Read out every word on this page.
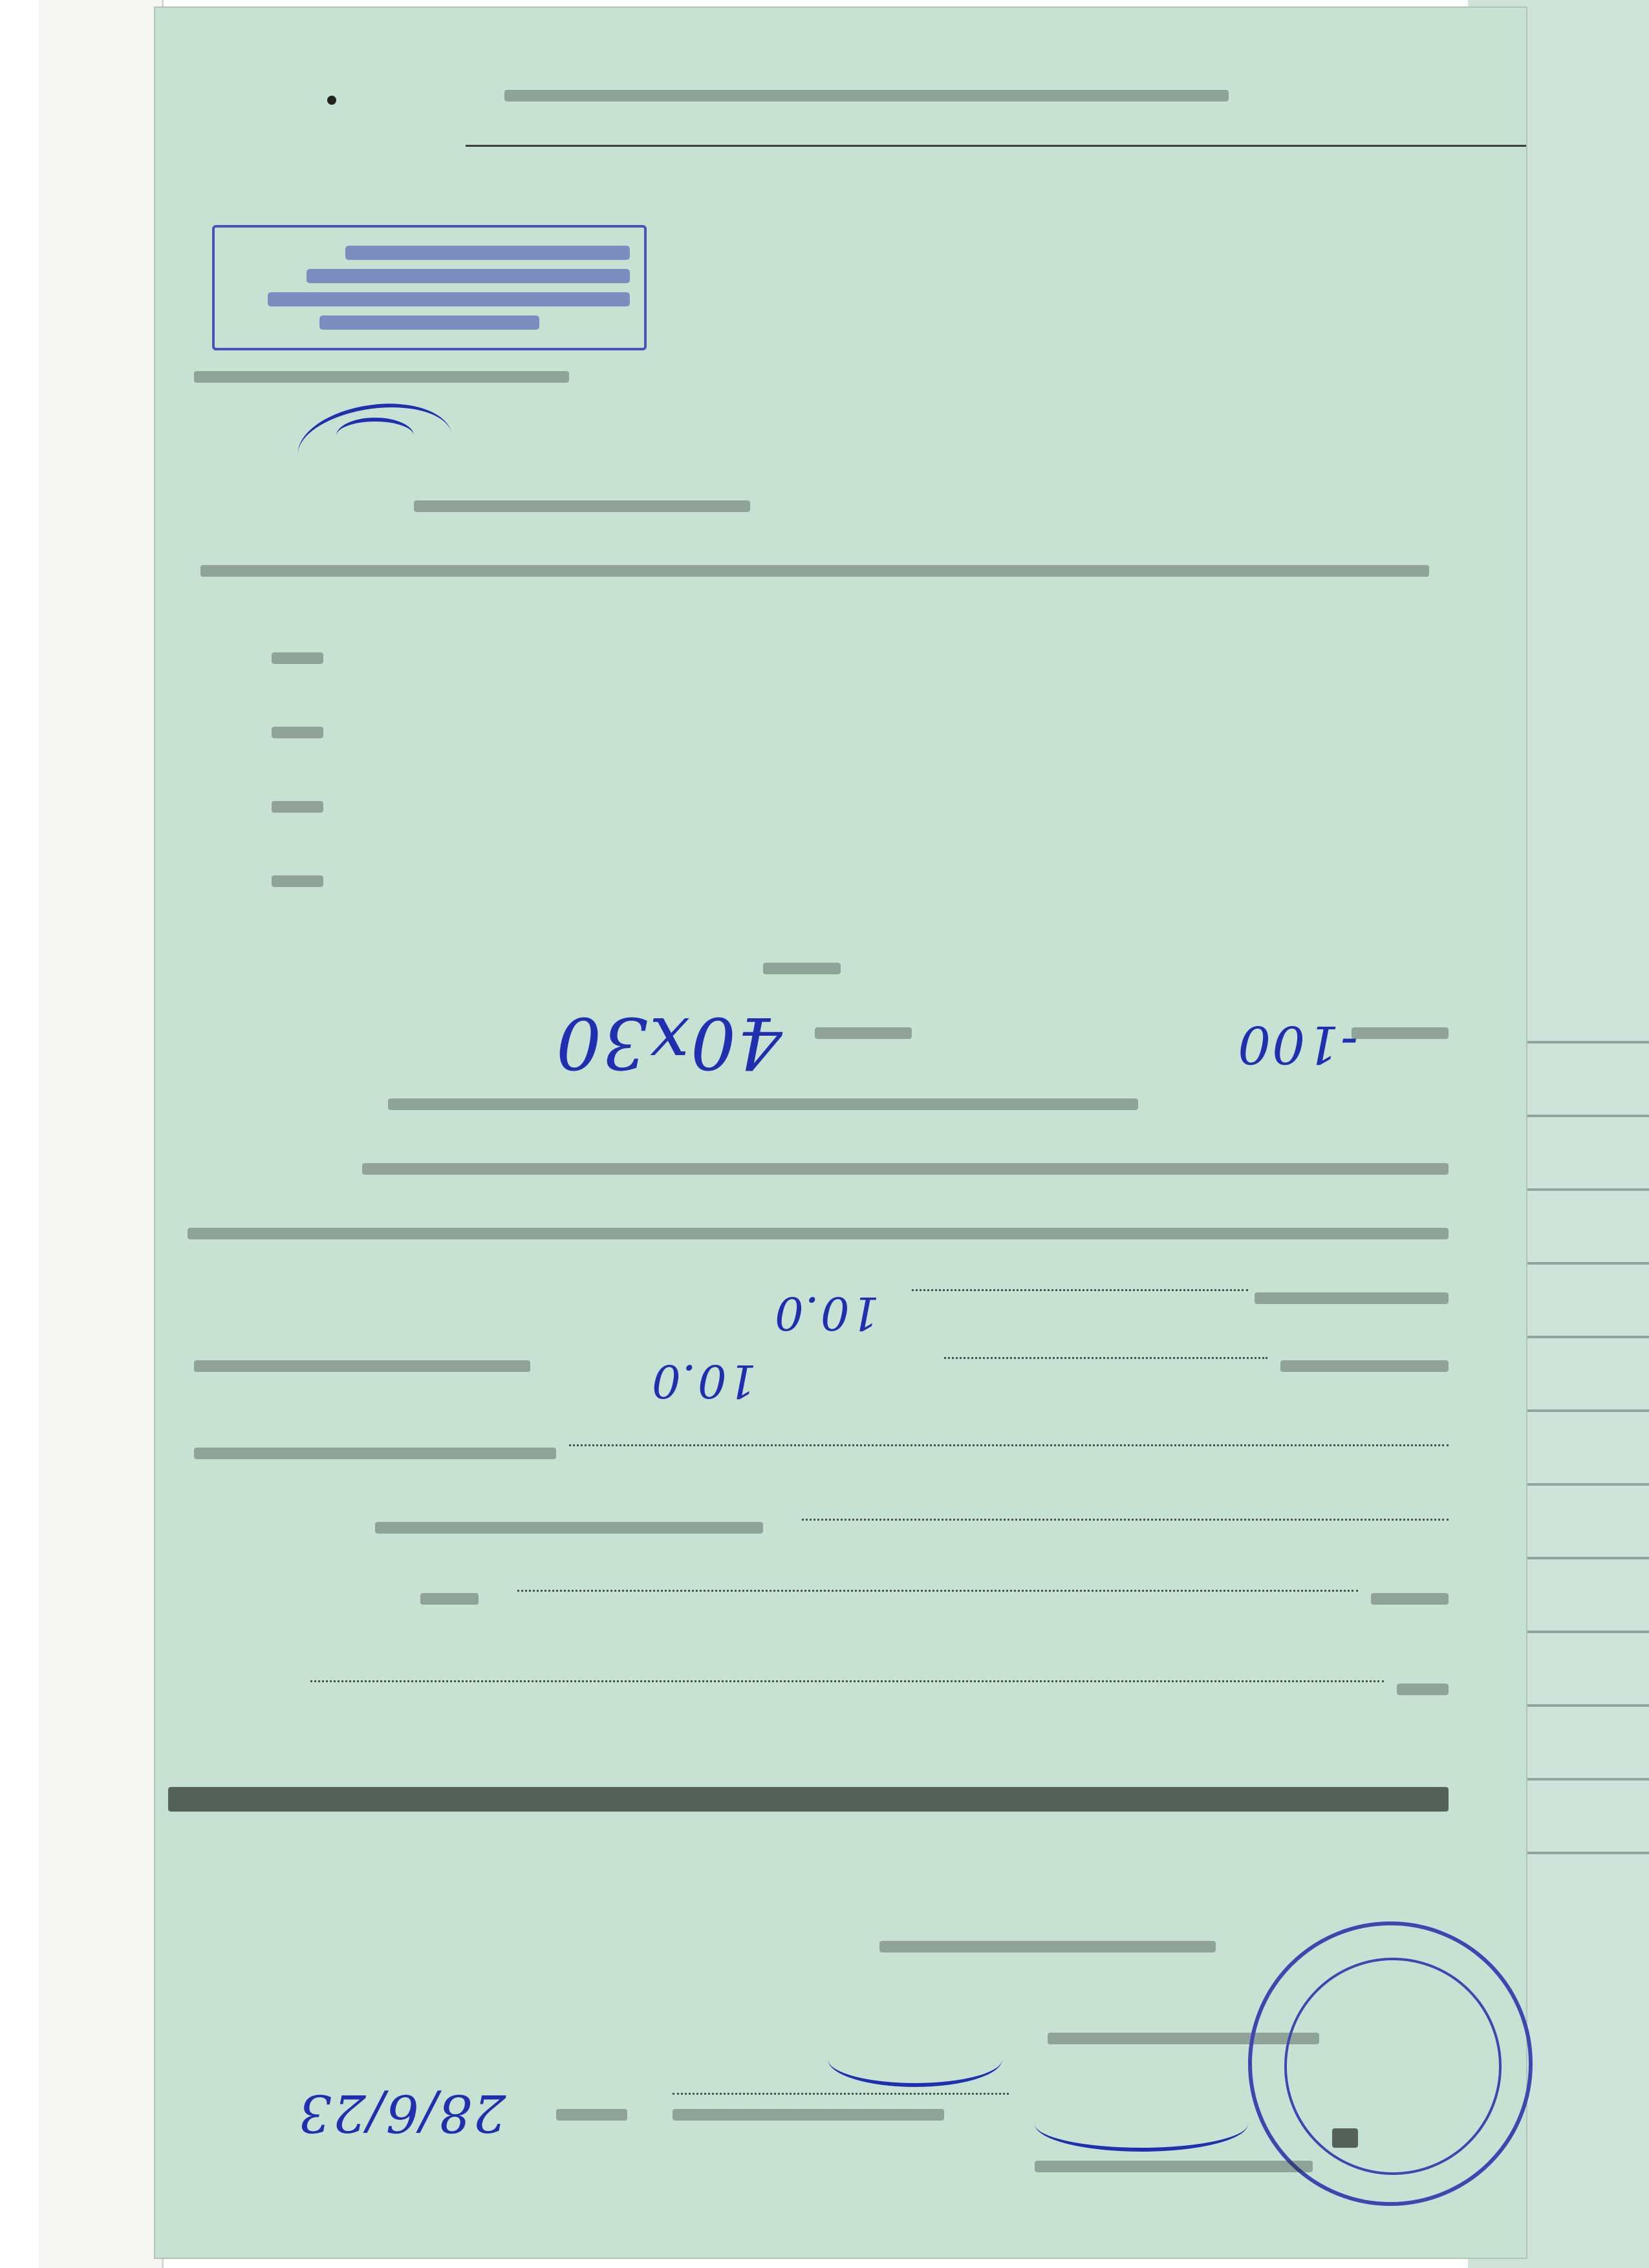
10.0
10.0
-100
40x30
28/6/23
